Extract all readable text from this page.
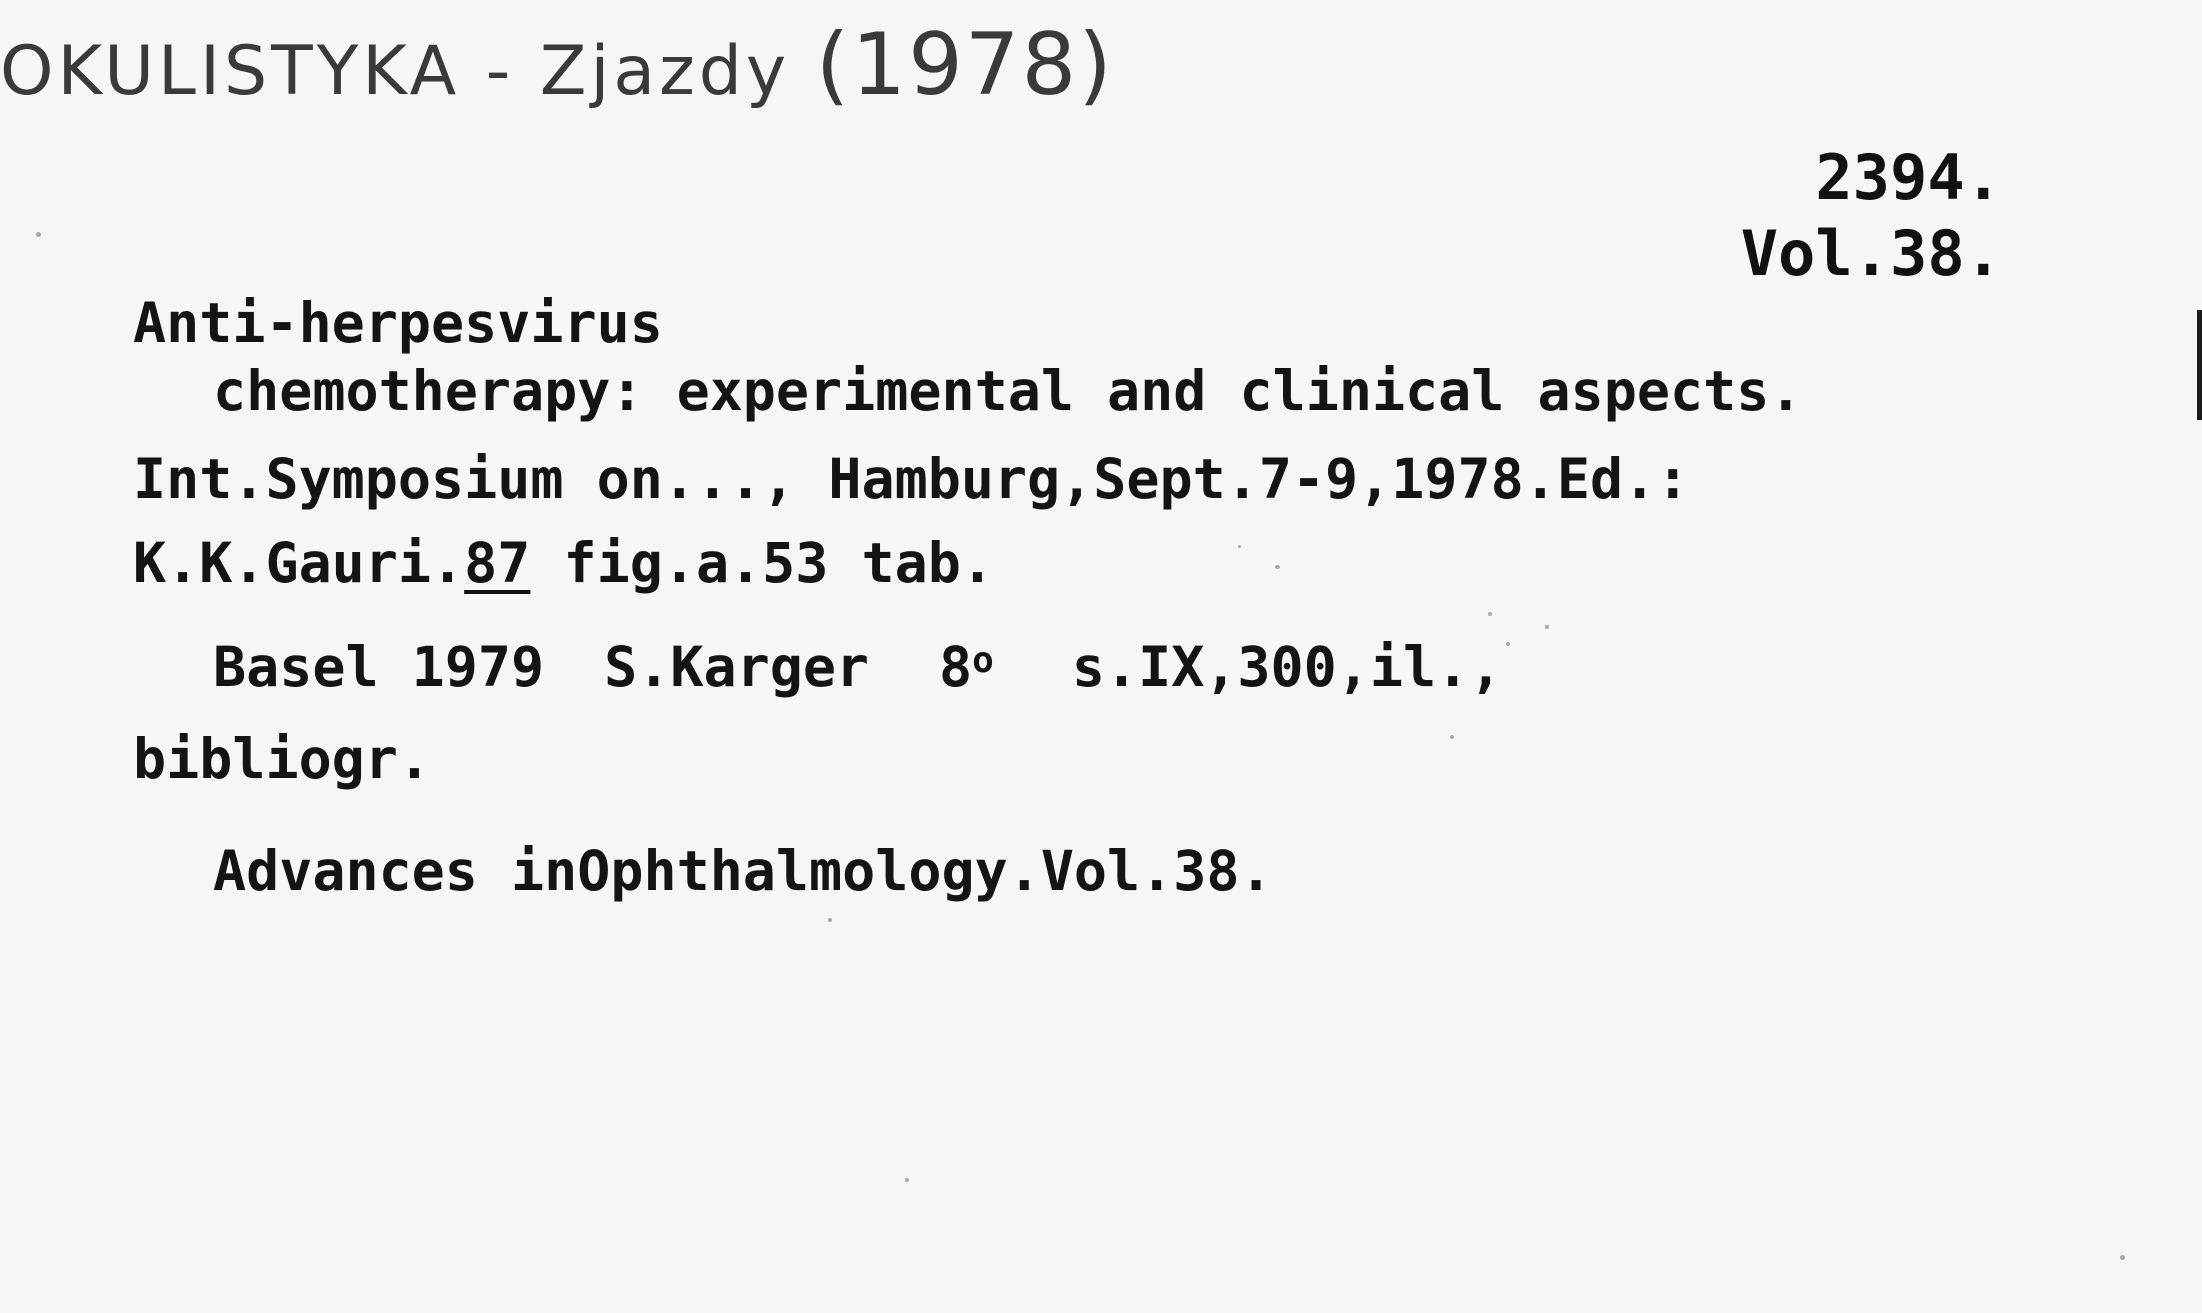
OKULISTYKA - Zjazdy (1978)
2394.
Vol.38.
Anti-herpesvirus
chemotherapy: experimental and clinical aspects.
Int.Symposium on..., Hamburg,Sept.7-9,1978.Ed.:
K.K.Gauri.87 fig.a.53 tab.
Basel 1979 S.Karger 8$^o$ s.IX,300,il.,
bibliogr.
Advances inOphthalmology.Vol.38.
